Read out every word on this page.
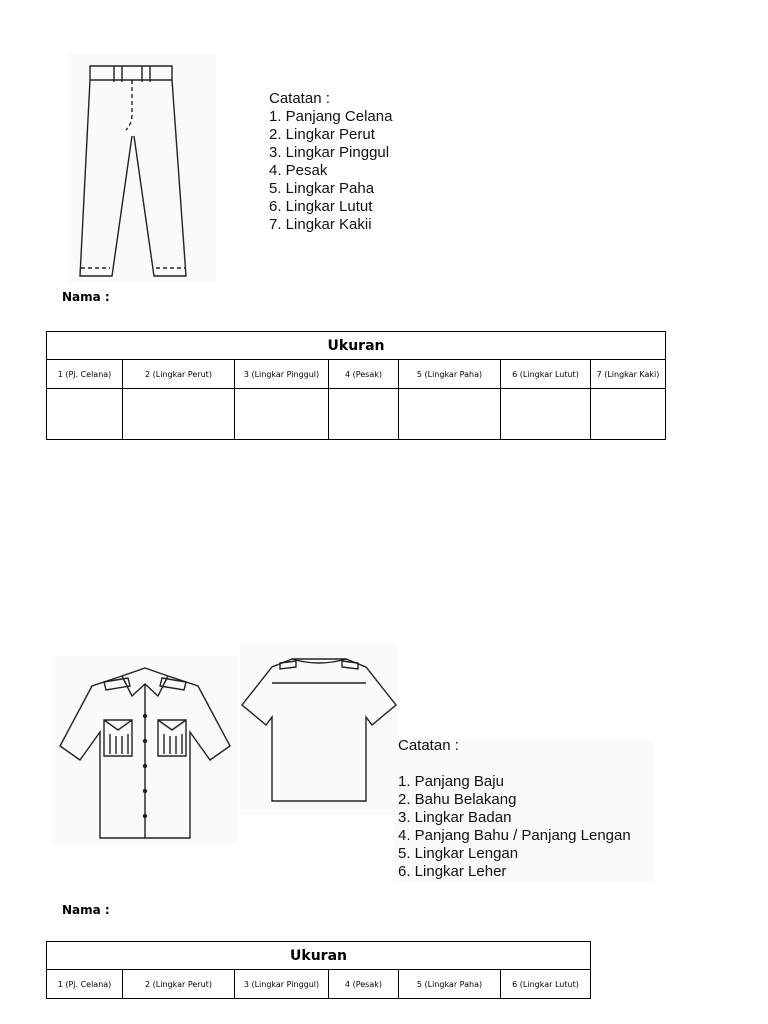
Catatan :

1. Panjang Celana

2. Lingkar Perut

3. Lingkar Pinggul

4. Pesak

5. Lingkar Paha

6. Lingkar Lutut

7. Lingkar Kakii

Nama :
Ukuran						
1 (Pj. Celana)	2 (Lingkar Perut)	3 (Lingkar Pinggul)	4 (Pesak)	5 (Lingkar Paha)	6 (Lingkar Lutut)	7 (Lingkar Kaki)

Catatan :

1. Panjang Baju

2. Bahu Belakang

3. Lingkar Badan

4. Panjang Bahu / Panjang Lengan

5. Lingkar Lengan

6. Lingkar Leher

Nama :
Ukuran
1 (Pj. Celana)	2 (Lingkar Perut)	3 (Lingkar Pinggul)	4 (Pesak)	5 (Lingkar Paha)	6 (Lingkar Lutut)
